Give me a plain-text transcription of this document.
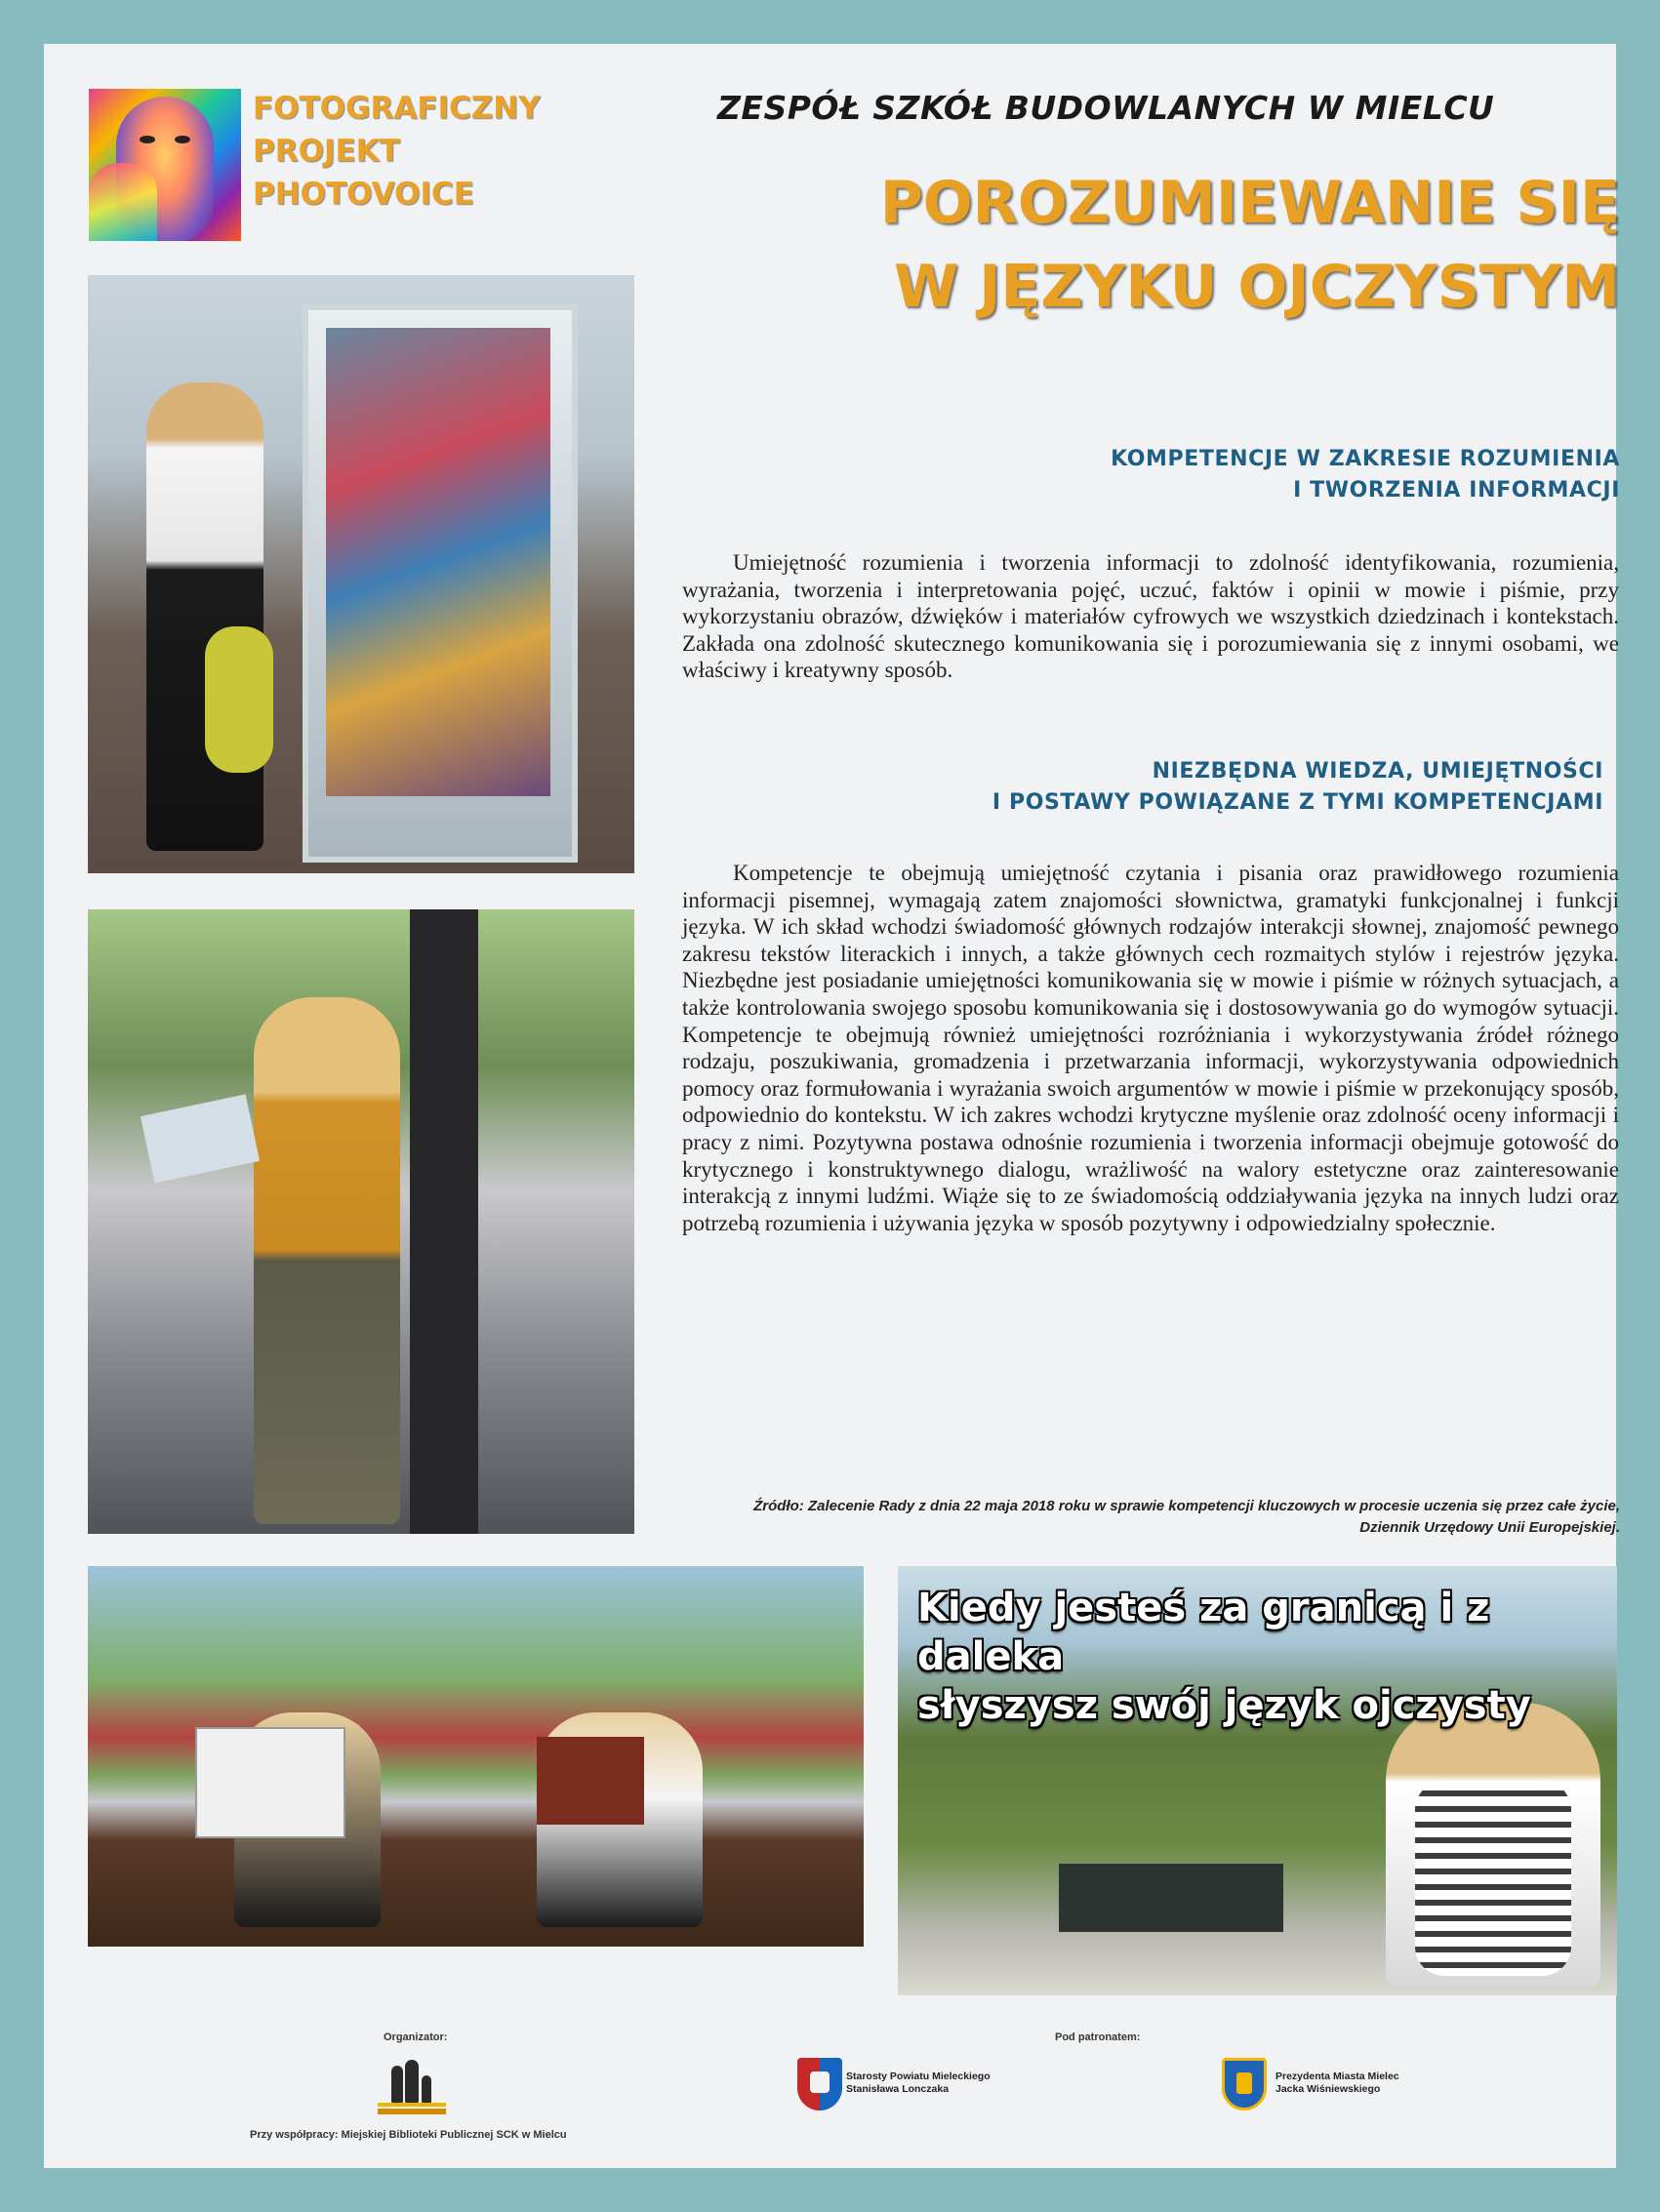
FOTOGRAFICZNY
PROJEKT
PHOTOVOICE
ZESPÓŁ SZKÓŁ BUDOWLANYCH W MIELCU
POROZUMIEWANIE SIĘ
W JĘZYKU OJCZYSTYM
KOMPETENCJE W ZAKRESIE ROZUMIENIA
I TWORZENIA INFORMACJI
Umiejętność rozumienia i tworzenia informacji to zdolność identyfikowania, rozumienia, wyrażania, tworzenia i interpretowania pojęć, uczuć, faktów i opinii w mowie i piśmie, przy wykorzystaniu obrazów, dźwięków i materiałów cyfrowych we wszystkich dziedzinach i kontekstach. Zakłada ona zdolność skutecznego komunikowania się i porozumiewania się z innymi osobami, we właściwy i kreatywny sposób.
NIEZBĘDNA WIEDZA, UMIEJĘTNOŚCI
I POSTAWY POWIĄZANE Z TYMI KOMPETENCJAMI
Kompetencje te obejmują umiejętność czytania i pisania oraz prawidłowego rozumienia informacji pisemnej, wymagają zatem znajomości słownictwa, gramatyki funkcjonalnej i funkcji języka. W ich skład wchodzi świadomość głównych rodzajów interakcji słownej, znajomość pewnego zakresu tekstów literackich i innych, a także głównych cech rozmaitych stylów i rejestrów języka. Niezbędne jest posiadanie umiejętności komunikowania się w mowie i piśmie w różnych sytuacjach, a także kontrolowania swojego sposobu komunikowania się i dostosowywania go do wymogów sytuacji. Kompetencje te obejmują również umiejętności rozróżniania i wykorzystywania źródeł różnego rodzaju, poszukiwania, gromadzenia i przetwarzania informacji, wykorzystywania odpowiednich pomocy oraz formułowania i wyrażania swoich argumentów w mowie i piśmie w przekonujący sposób, odpowiednio do kontekstu. W ich zakres wchodzi krytyczne myślenie oraz zdolność oceny informacji i pracy z nimi. Pozytywna postawa odnośnie rozumienia i tworzenia informacji obejmuje gotowość do krytycznego i konstruktywnego dialogu, wrażliwość na walory estetyczne oraz zainteresowanie interakcją z innymi ludźmi. Wiąże się to ze świadomością oddziaływania języka na innych ludzi oraz potrzebą rozumienia i używania języka w sposób pozytywny i odpowiedzialny społecznie.
Źródło: Zalecenie Rady z dnia 22 maja 2018 roku w sprawie kompetencji kluczowych w procesie uczenia się przez całe życie,
Dziennik Urzędowy Unii Europejskiej.
Kiedy jesteś za granicą i z daleka
słyszysz swój język ojczysty
Organizator:
Przy współpracy: Miejskiej Biblioteki Publicznej SCK w Mielcu
Pod patronatem:
Starosty Powiatu Mieleckiego
Stanisława Lonczaka
Prezydenta Miasta Mielec
Jacka Wiśniewskiego
